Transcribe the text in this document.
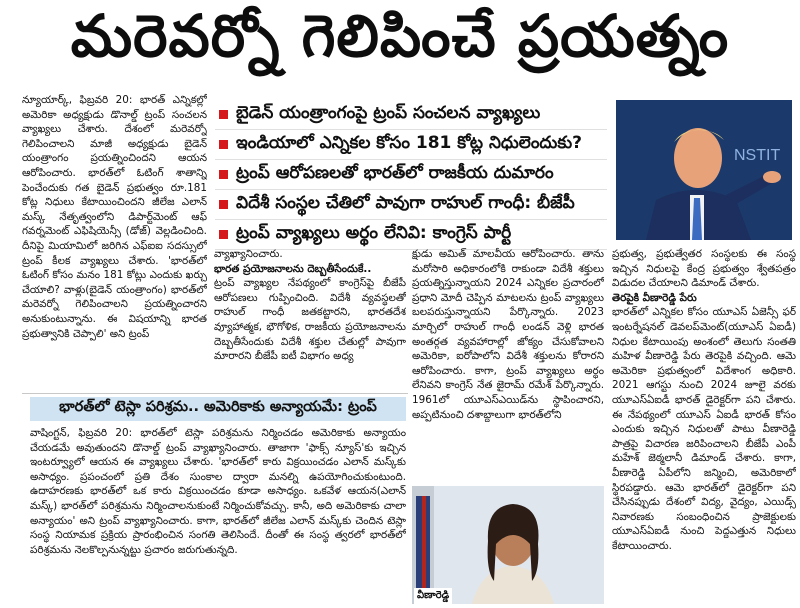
మరెవర్నో గెలిపించే ప్రయత్నం

న్యూయార్క్, ఫిబ్రవరి 20: భారత్ ఎన్నికల్లో అమెరికా అధ్యక్షుడు డొనాల్డ్ ట్రంప్ సంచలన వ్యాఖ్యలు చేశారు. దేశంలో మరెవర్నో గెలిపించాలని మాజీ అధ్యక్షుడు బైడెన్ యంత్రాంగం ప్రయత్నించిందని ఆయన ఆరోపించారు. భారత్‌లో ఓటింగ్ శాతాన్ని పెంచేందుకు గత బైడెన్ ప్రభుత్వం రూ.181 కోట్ల నిధులు కేటాయించిందని జీలేజ ఎలాన్ మస్క్ నేతృత్వంలోని డిపార్ట్‌మెంట్ ఆఫ్ గవర్నమెంట్ ఎఫిషియెన్సీ (డోజ్) వెల్లడించింది. దీనిపై మియామిలో జరిగిన ఎఫ్‌ఐఐ సదస్సులో ట్రంప్ కీలక వ్యాఖ్యలు చేశారు. 'భారత్‌లో ఓటింగ్ కోసం మనం 181 కోట్లు ఎందుకు ఖర్చు చేయాలి? వాళ్లు(బైడెన్ యంత్రాంగం) భారత్‌లో మరెవర్నో గెలిపించాలని ప్రయత్నించారని అనుకుంటున్నాను. ఈ విషయాన్ని భారత ప్రభుత్వానికి చెప్పాలి' అని ట్రంప్

బైడెన్ యంత్రాంగంపై ట్రంప్ సంచలన వ్యాఖ్యలు
ఇండియాలో ఎన్నికల కోసం 181 కోట్ల నిధులెందుకు?
ట్రంప్ ఆరోపణలతో భారత్‌లో రాజకీయ దుమారం
విదేశీ సంస్థల చేతిలో పావుగా రాహుల్ గాంధీ: బీజేపీ
ట్రంప్ వ్యాఖ్యలు అర్థం లేనివి: కాంగ్రెస్ పార్టీ
NSTIT

వ్యాఖ్యానించారు.

భారత ప్రయోజనాలను దెబ్బతీసేందుకే..

ట్రంప్ వ్యాఖ్యల నేపథ్యంలో కాంగ్రెస్‌పై బీజేపీ ఆరోపణలు గుప్పించింది. విదేశీ వ్యవస్థలతో రాహుల్ గాంధీ జతకట్టారని, భారతదేశ వ్యూహాత్మక, భౌగోళిక, రాజకీయ ప్రయోజనాలను దెబ్బతీసేందుకు విదేశీ శక్తుల చేతుల్లో పావుగా మారారని బీజేపీ ఐటీ విభాగం అధ్య

క్షుడు అమిత్ మాలవీయ ఆరోపించారు. తాను మరోసారి అధికారంలోకి రాకుండా విదేశీ శక్తులు ప్రయత్నిస్తున్నాయని 2024 ఎన్నికల ప్రచారంలో ప్రధాని మోదీ చెప్పిన మాటలను ట్రంప్ వ్యాఖ్యలు బలపరుస్తున్నాయని పేర్కొన్నారు. 2023 మార్చిలో రాహుల్ గాంధీ లండన్ వెళ్లి భారత అంతర్గత వ్యవహారాల్లో జోక్యం చేసుకోవాలని అమెరికా, ఐరోపాలోని విదేశీ శక్తులను కోరారని ఆరోపించారు. కాగా, ట్రంప్ వ్యాఖ్యలు అర్థం లేనివని కాంగ్రెస్ నేత జైరామ్ రమేశ్ పేర్కొన్నారు. 1961లో యూఎస్‌ఎయిడ్‌ను స్థాపించారని, అప్పటినుంచి దశాబ్దాలుగా భారత్‌లోని

ప్రభుత్వ, ప్రభుత్వేతర సంస్థలకు ఈ సంస్థ ఇచ్చిన నిధులపై కేంద్ర ప్రభుత్వం శ్వేతపత్రం విడుదల చేయాలని డిమాండ్ చేశారు.

తెరపైకి వీణారెడ్డి పేరు

భారత్‌లో ఎన్నికల కోసం యూఎస్ ఏజెన్సీ ఫర్ ఇంటర్నేషనల్ డెవలప్‌మెంట్(యూఎస్ ఏఐడీ) నిధుల కేటాయింపు అంశంలో తెలుగు సంతతి మహిళ వీణారెడ్డి పేరు తెరపైకి వచ్చింది. ఆమె అమెరికా ప్రభుత్వంలో విదేశాంగ అధికారి. 2021 ఆగస్టు నుంచి 2024 జూలై వరకు యూఎస్‌ఏఐడీ భారత్ డైరెక్టర్‌గా పని చేశారు. ఈ నేపథ్యంలో యూఎస్ ఏఐడీ భారత్ కోసం ఎందుకు ఇచ్చిన నిధులతో పాటు వీణారెడ్డి పాత్రపై విచారణ జరిపించాలని బీజేపీ ఎంపీ మహేశ్ జెఠ్మలానీ డిమాండ్ చేశారు. కాగా, వీణారెడ్డి ఏపీలోని జన్మించి, అమెరికాలో స్థిరపడ్డారు. ఆమె భారత్‌లో డైరెక్టర్‌గా పని చేసినప్పుడు దేశంలో విద్య, వైద్యం, ఎయిడ్స్ నివారణకు సంబంధించిన ప్రాజెక్టులకు యూఎస్‌ఏఐడీ నుంచి పెద్దఎత్తున నిధులు కేటాయించారు.

భారత్‌లో టెస్లా పరిశ్రమ.. అమెరికాకు అన్యాయమే: ట్రంప్

వాషింగ్టన్, ఫిబ్రవరి 20: భారత్‌లో టెస్లా పరిశ్రమను నిర్మించడం అమెరికాకు అన్యాయం చేయడమే అవుతుందని డొనాల్డ్ ట్రంప్ వ్యాఖ్యానించారు. తాజాగా 'ఫాక్స్ న్యూస్'కు ఇచ్చిన ఇంటర్వ్యూలో ఆయన ఈ వ్యాఖ్యలు చేశారు. 'భారత్‌లో కారు విక్రయించడం ఎలాన్ మస్క్‌కు అసాధ్యం. ప్రపంచంలో ప్రతి దేశం సుంకాల ద్వారా మనల్ని ఉపయోగించుకుంటుంది. ఉదాహరణకు భారత్‌లో ఒక కారు విక్రయించడం కూడా అసాధ్యం. ఒకవేళ ఆయన(ఎలాన్ మస్క్) భారత్‌లో పరిశ్రమను నిర్మించాలనుకుంటే నిర్మించుకోవచ్చు. కానీ, అది అమెరికాకు చాలా అన్యాయం' అని ట్రంప్ వ్యాఖ్యానించారు. కాగా, భారత్‌లో జీలేజ ఎలాన్ మస్క్‌కు చెందిన టెస్లా సంస్థ నియామక ప్రక్రియ ప్రారంభించిన సంగతి తెలిసిందే. దీంతో ఈ సంస్థ త్వరలో భారత్‌లో పరిశ్రమను నెలకొల్పనున్నట్టు ప్రచారం జరుగుతున్నది.

వీణారెడ్డి
